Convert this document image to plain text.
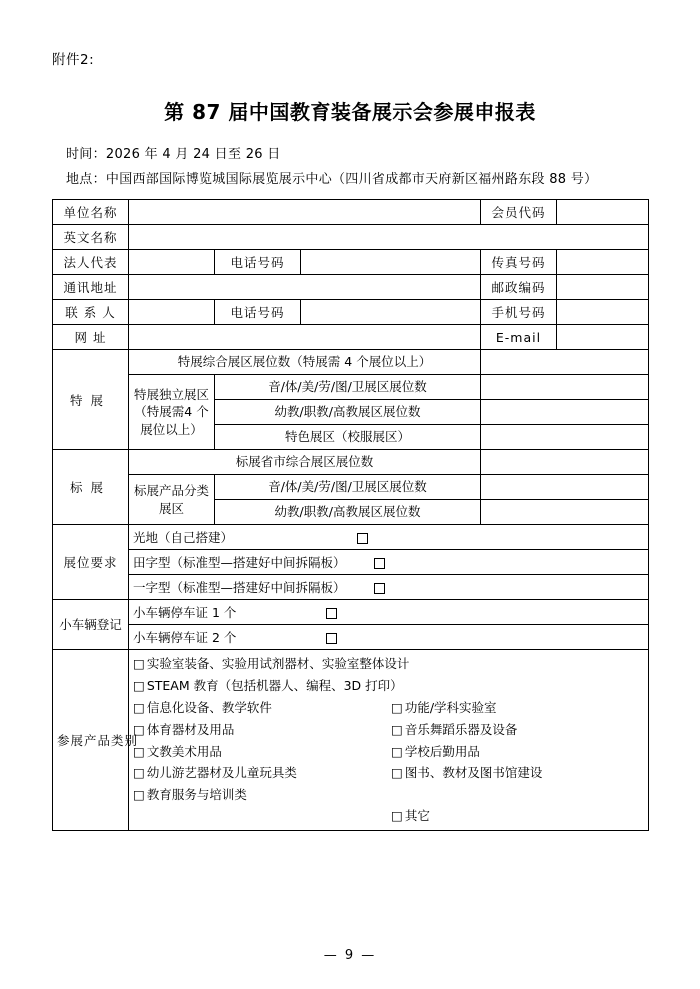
附件2:
第 87 届中国教育装备展示会参展申报表
时间：2026 年 4 月 24 日至 26 日
地点：中国西部国际博览城国际展览展示中心（四川省成都市天府新区福州路东段 88 号）
单位名称				会员代码	
英文名称					
法人代表		电话号码		传真号码	
通讯地址				邮政编码	
联 系 人		电话号码		手机号码	
网 址				E-mail	
特展	特展综合展区展位数（特展需 4 个展位以上）				
	特展独立展区（特展需4 个展位以上）	音/体/美/劳/图/卫展区展位数			
		幼教/职教/高教展区展位数			
		特色展区（校服展区）			
标展	标展省市综合展区展位数				
	标展产品分类展区	音/体/美/劳/图/卫展区展位数			
		幼教/职教/高教展区展位数			
展位要求	光地（自己搭建）				
	田字型（标准型—搭建好中间拆隔板）				
	一字型（标准型—搭建好中间拆隔板）				
小车辆登记	小车辆停车证 1 个				
	小车辆停车证 2 个				
参展产品类别	
□ 实验室装备、实验用试剂器材、实验室整体设计
□ STEAM 教育（包括机器人、编程、3D 打印）
□ 信息化设备、教学软件
□ 体育器材及用品
□ 文教美术用品
□ 幼儿游艺器材及儿童玩具类
□ 教育服务与培训类
□ 功能/学科实验室
□ 音乐舞蹈乐器及设备
□ 学校后勤用品
□ 图书、教材及图书馆建设
□ 其它
— 9 —
